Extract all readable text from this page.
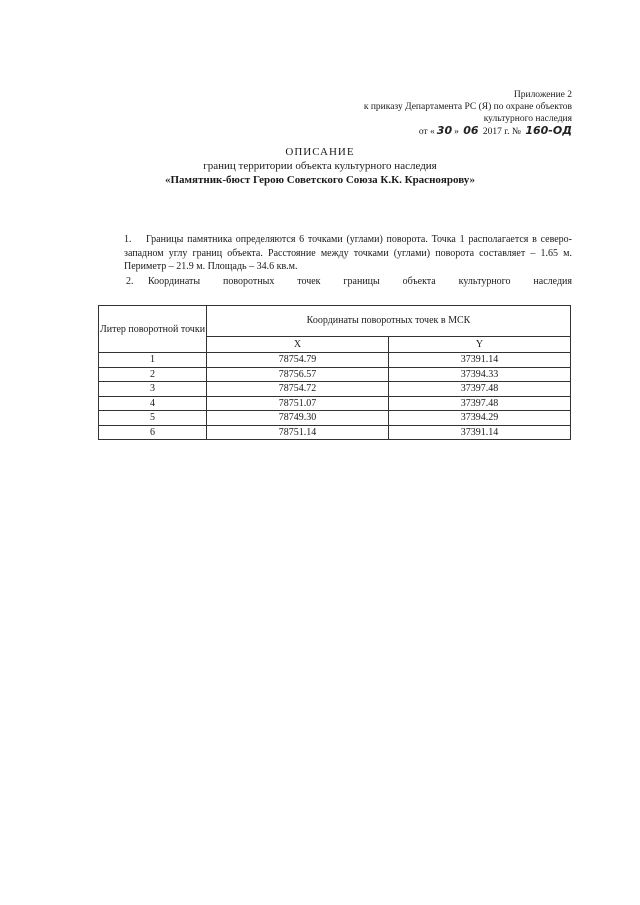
Приложение 2
к приказу Департамента РС (Я) по охране объектов
культурного наследия
от « 30 » 06 2017 г. № 160-ОД
ОПИСАНИЕ
границ территории объекта культурного наследия
«Памятник-бюст Герою Советского Союза К.К. Краснoярову»

1. Границы памятника определяются 6 точками (углами) поворота. Точка 1 располагается в северо-западном углу границ объекта. Расстояние между точками (углами) поворота составляет – 1.65 м. Периметр – 21.9 м. Площадь – 34.6 кв.м.

2. Координаты поворотных точек границы объекта культурного наследия

Литер поворотной точки	Координаты поворотных точек в МСК	
	X	Y
1	78754.79	37391.14
2	78756.57	37394.33
3	78754.72	37397.48
4	78751.07	37397.48
5	78749.30	37394.29
6	78751.14	37391.14
